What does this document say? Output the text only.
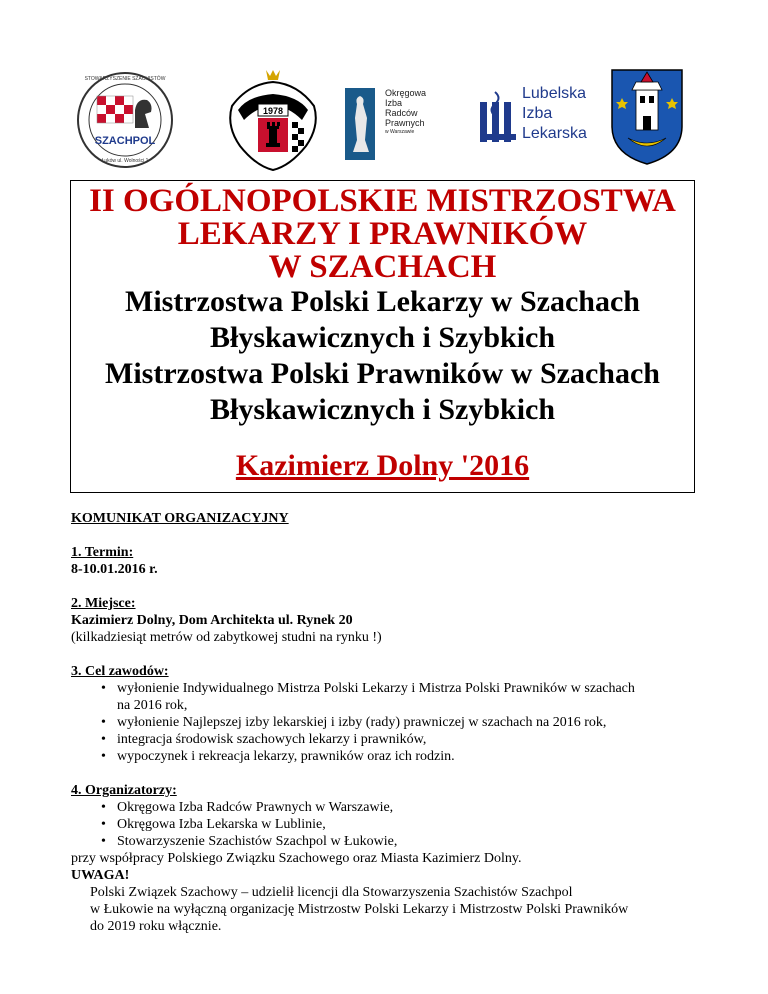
SZACHPOL
STOWARZYSZENIE SZACHISTÓW
Łuków ul. Wolności 1
1978
Okręgowa
Izba
Radców
Prawnych
w Warszawie
Lubelska
Izba
Lekarska
II OGÓLNOPOLSKIE MISTRZOSTWA
LEKARZY I PRAWNIKÓW
W SZACHACH
Mistrzostwa Polski Lekarzy w Szachach
Błyskawicznych i Szybkich
Mistrzostwa Polski Prawników w Szachach
Błyskawicznych i Szybkich
Kazimierz Dolny '2016
KOMUNIKAT ORGANIZACYJNY
1. Termin:
8-10.01.2016 r.
2. Miejsce:
Kazimierz Dolny, Dom Architekta ul. Rynek 20
(kilkadziesiąt metrów od zabytkowej studni na rynku !)
3. Cel zawodów:
• wyłonienie Indywidualnego Mistrza Polski Lekarzy i Mistrza Polski Prawników w szachach
na 2016 rok,
• wyłonienie Najlepszej izby lekarskiej i izby (rady) prawniczej w szachach na 2016 rok,
• integracja środowisk szachowych lekarzy i prawników,
• wypoczynek i rekreacja lekarzy, prawników oraz ich rodzin.
4. Organizatorzy:
• Okręgowa Izba Radców Prawnych w Warszawie,
• Okręgowa Izba Lekarska w Lublinie,
• Stowarzyszenie Szachistów Szachpol w Łukowie,
przy współpracy Polskiego Związku Szachowego oraz Miasta Kazimierz Dolny.
UWAGA!
Polski Związek Szachowy – udzielił licencji dla Stowarzyszenia Szachistów Szachpol
w Łukowie na wyłączną organizację Mistrzostw Polski Lekarzy i Mistrzostw Polski Prawników
do 2019 roku włącznie.
